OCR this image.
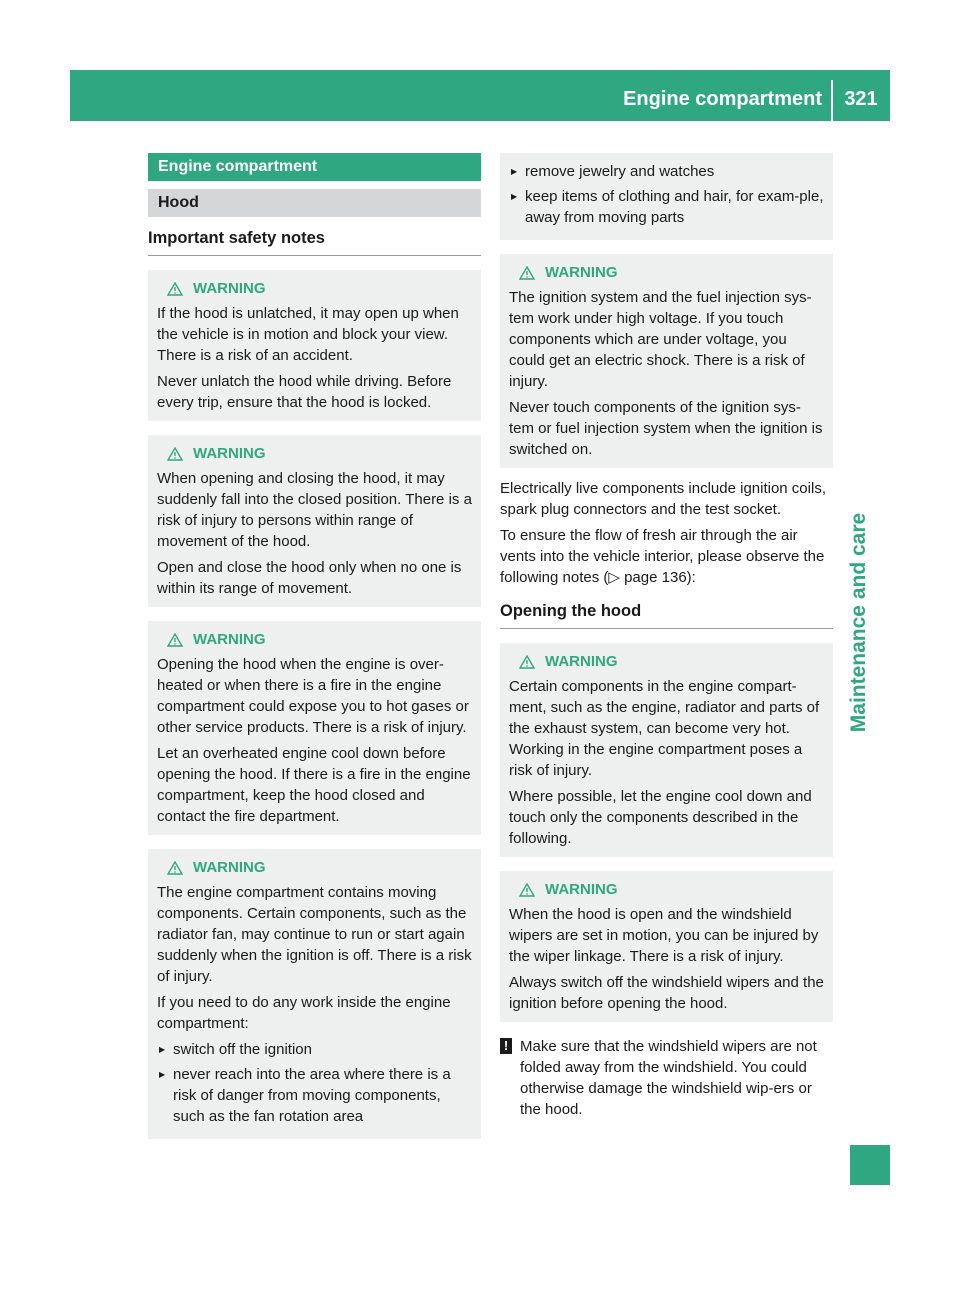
Engine compartment	321
Maintenance and care
Engine compartment
Hood
Important safety notes
WARNING

If the hood is unlatched, it may open up when the vehicle is in motion and block your view. There is a risk of an accident.

Never unlatch the hood while driving. Before every trip, ensure that the hood is locked.

WARNING

When opening and closing the hood, it may suddenly fall into the closed position. There is a risk of injury to persons within range of movement of the hood.

Open and close the hood only when no one is within its range of movement.

WARNING

Opening the hood when the engine is over-heated or when there is a fire in the engine compartment could expose you to hot gases or other service products. There is a risk of injury.

Let an overheated engine cool down before opening the hood. If there is a fire in the engine compartment, keep the hood closed and contact the fire department.

WARNING

The engine compartment contains moving components. Certain components, such as the radiator fan, may continue to run or start again suddenly when the ignition is off. There is a risk of injury.

If you need to do any work inside the engine compartment:

▶ switch off the ignition
▶ never reach into the area where there is a risk of danger from moving components, such as the fan rotation area
▶ remove jewelry and watches
▶ keep items of clothing and hair, for exam-ple, away from moving parts
WARNING

The ignition system and the fuel injection sys-tem work under high voltage. If you touch components which are under voltage, you could get an electric shock. There is a risk of injury.

Never touch components of the ignition sys-tem or fuel injection system when the ignition is switched on.

Electrically live components include ignition coils, spark plug connectors and the test socket.

To ensure the flow of fresh air through the air vents into the vehicle interior, please observe the following notes (▷ page 136):

Opening the hood
WARNING

Certain components in the engine compart-ment, such as the engine, radiator and parts of the exhaust system, can become very hot. Working in the engine compartment poses a risk of injury.

Where possible, let the engine cool down and touch only the components described in the following.

WARNING

When the hood is open and the windshield wipers are set in motion, you can be injured by the wiper linkage. There is a risk of injury.

Always switch off the windshield wipers and the ignition before opening the hood.

! Make sure that the windshield wipers are not folded away from the windshield. You could otherwise damage the windshield wip-ers or the hood.
